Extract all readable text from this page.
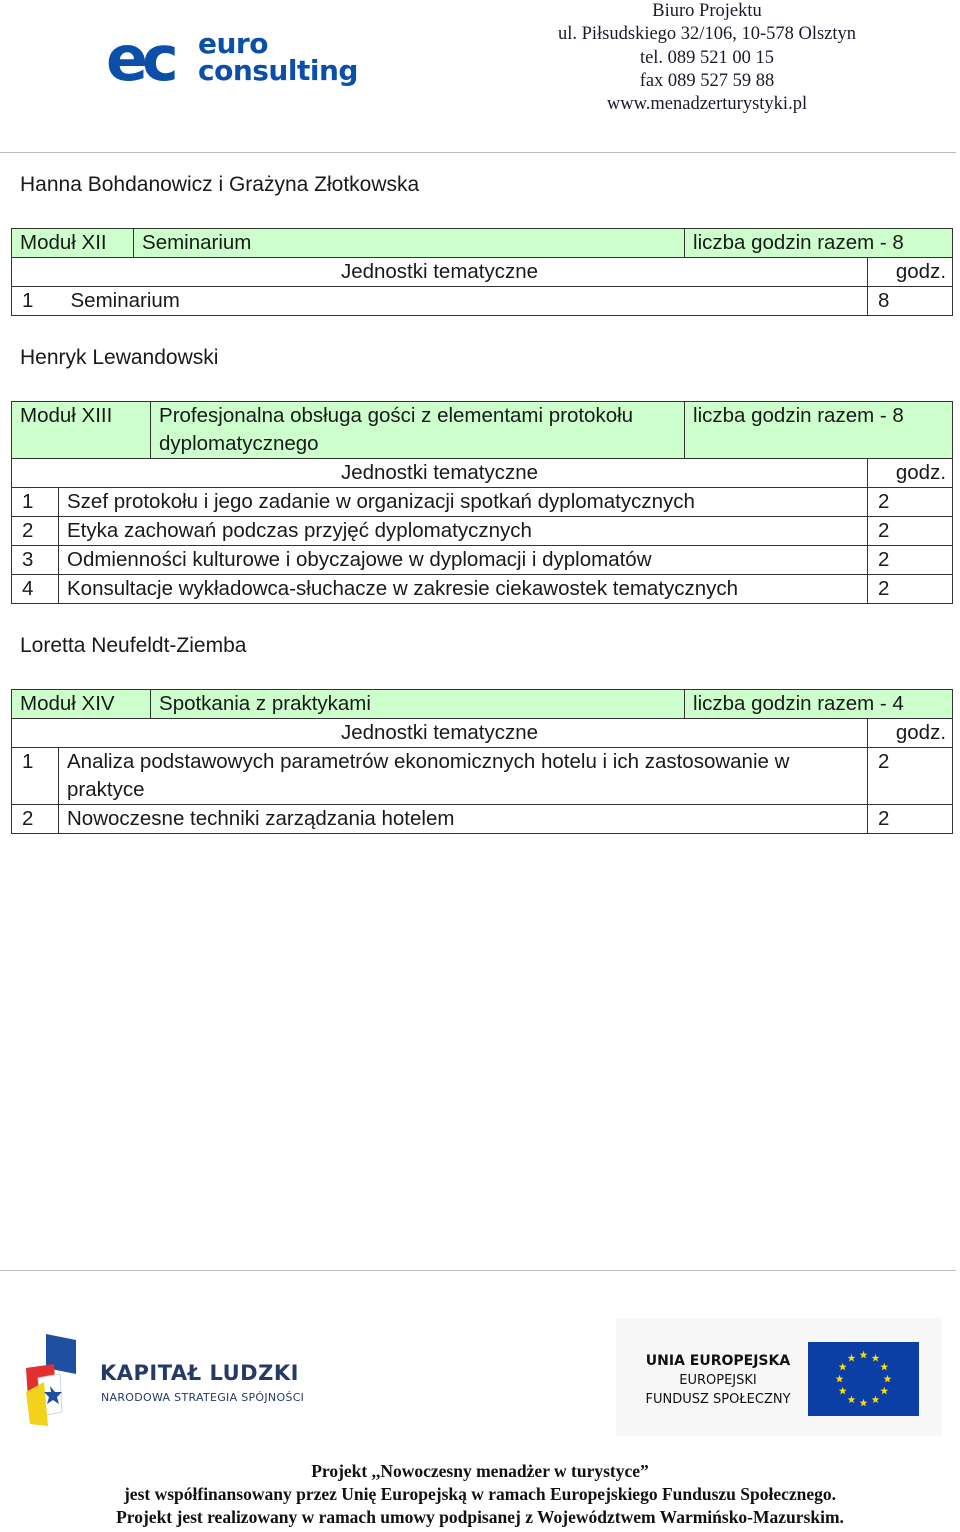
ec euro
consulting
Biuro Projektu
ul. Piłsudskiego 32/106, 10-578 Olsztyn
tel. 089 521 00 15
fax 089 527 59 88
www.menadzerturystyki.pl
Hanna Bohdanowicz i Grażyna Złotkowska
Moduł XII		Seminarium	liczba godzin razem - 8	
Jednostki tematyczne				godz.
1	Seminarium			8
Henryk Lewandowski
Moduł XIII		Profesjonalna obsługa gości z elementami protokołu dyplomatycznego	liczba godzin razem - 8	
Jednostki tematyczne				godz.
1	Szef protokołu i jego zadanie w organizacji spotkań dyplomatycznych			2
2	Etyka zachowań podczas przyjęć dyplomatycznych			2
3	Odmienności kulturowe i obyczajowe w dyplomacji i dyplomatów			2
4	Konsultacje wykładowca-słuchacze w zakresie ciekawostek tematycznych			2
Loretta Neufeldt-Ziemba
Moduł XIV		Spotkania z praktykami	liczba godzin razem - 4	
Jednostki tematyczne				godz.
1	Analiza podstawowych parametrów ekonomicznych hotelu i ich zastosowanie w praktyce			2
2	Nowoczesne techniki zarządzania hotelem			2
KAPITAŁ LUDZKI
NARODOWA STRATEGIA SPÓJNOŚCI
UNIA EUROPEJSKA
EUROPEJSKI
FUNDUSZ SPOŁECZNY
Projekt ,,Nowoczesny menadżer w turystyce”
jest współfinansowany przez Unię Europejską w ramach Europejskiego Funduszu Społecznego.
Projekt jest realizowany w ramach umowy podpisanej z Województwem Warmińsko-Mazurskim.
